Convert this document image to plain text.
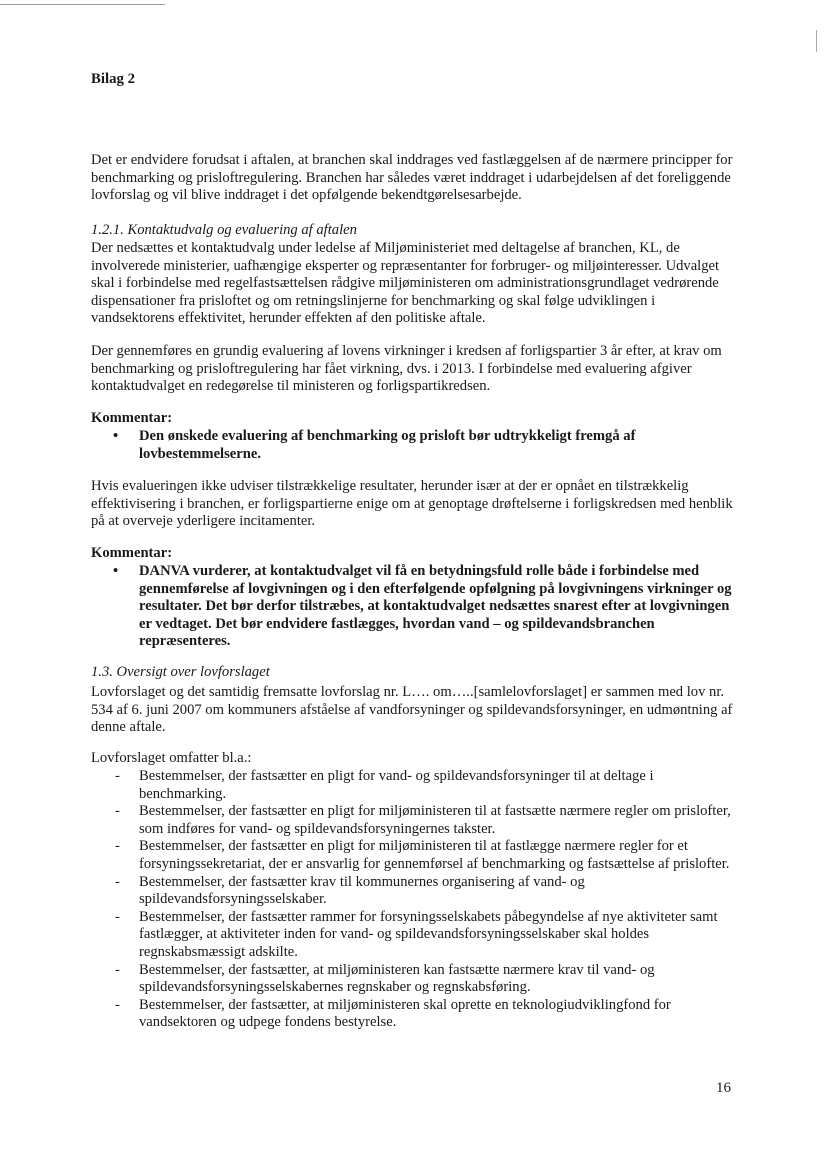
Bilag 2

Det er endvidere forudsat i aftalen, at branchen skal inddrages ved fastlæggelsen af de nærmere principper for benchmarking og prisloftregulering. Branchen har således været inddraget i udarbejdelsen af det foreliggende lovforslag og vil blive inddraget i det opfølgende bekendtgørelsesarbejde.

1.2.1. Kontaktudvalg og evaluering af aftalen

Der nedsættes et kontaktudvalg under ledelse af Miljøministeriet med deltagelse af branchen, KL, de involverede ministerier, uafhængige eksperter og repræsentanter for forbruger- og miljøinteresser. Udvalget skal i forbindelse med regelfastsættelsen rådgive miljøministeren om administrationsgrundlaget vedrørende dispensationer fra prisloftet og om retningslinjerne for benchmarking og skal følge udviklingen i vandsektorens effektivitet, herunder effekten af den politiske aftale.

Der gennemføres en grundig evaluering af lovens virkninger i kredsen af forligspartier 3 år efter, at krav om benchmarking og prisloftregulering har fået virkning, dvs. i 2013. I forbindelse med evaluering afgiver kontaktudvalget en redegørelse til ministeren og forligspartikredsen.

Kommentar:
• Den ønskede evaluering af benchmarking og prisloft bør udtrykkeligt fremgå af lovbestemmelserne.

Hvis evalueringen ikke udviser tilstrækkelige resultater, herunder især at der er opnået en tilstrækkelig effektivisering i branchen, er forligspartierne enige om at genoptage drøftelserne i forligskredsen med henblik på at overveje yderligere incitamenter.

Kommentar:
• DANVA vurderer, at kontaktudvalget vil få en betydningsfuld rolle både i forbindelse med gennemførelse af lovgivningen og i den efterfølgende opfølgning på lovgivningens virkninger og resultater. Det bør derfor tilstræbes, at kontaktudvalget nedsættes snarest efter at lovgivningen er vedtaget. Det bør endvidere fastlægges, hvordan vand – og spildevandsbranchen repræsenteres.
1.3. Oversigt over lovforslaget

Lovforslaget og det samtidig fremsatte lovforslag nr. L…. om…..[samlelovforslaget] er sammen med lov nr. 534 af 6. juni 2007 om kommuners afståelse af vandforsyninger og spildevandsforsyninger, en udmøntning af denne aftale.

Lovforslaget omfatter bl.a.:
- Bestemmelser, der fastsætter en pligt for vand- og spildevandsforsyninger til at deltage i benchmarking.
- Bestemmelser, der fastsætter en pligt for miljøministeren til at fastsætte nærmere regler om prislofter, som indføres for vand- og spildevandsforsyningernes takster.
- Bestemmelser, der fastsætter en pligt for miljøministeren til at fastlægge nærmere regler for et forsyningssekretariat, der er ansvarlig for gennemførsel af benchmarking og fastsættelse af prislofter.
- Bestemmelser, der fastsætter krav til kommunernes organisering af vand- og spildevandsforsyningsselskaber.
- Bestemmelser, der fastsætter rammer for forsyningsselskabets påbegyndelse af nye aktiviteter samt fastlægger, at aktiviteter inden for vand- og spildevandsforsyningsselskaber skal holdes regnskabsmæssigt adskilte.
- Bestemmelser, der fastsætter, at miljøministeren kan fastsætte nærmere krav til vand- og spildevandsforsyningsselskabernes regnskaber og regnskabsføring.
- Bestemmelser, der fastsætter, at miljøministeren skal oprette en teknologiudviklingfond for vandsektoren og udpege fondens bestyrelse.
16
